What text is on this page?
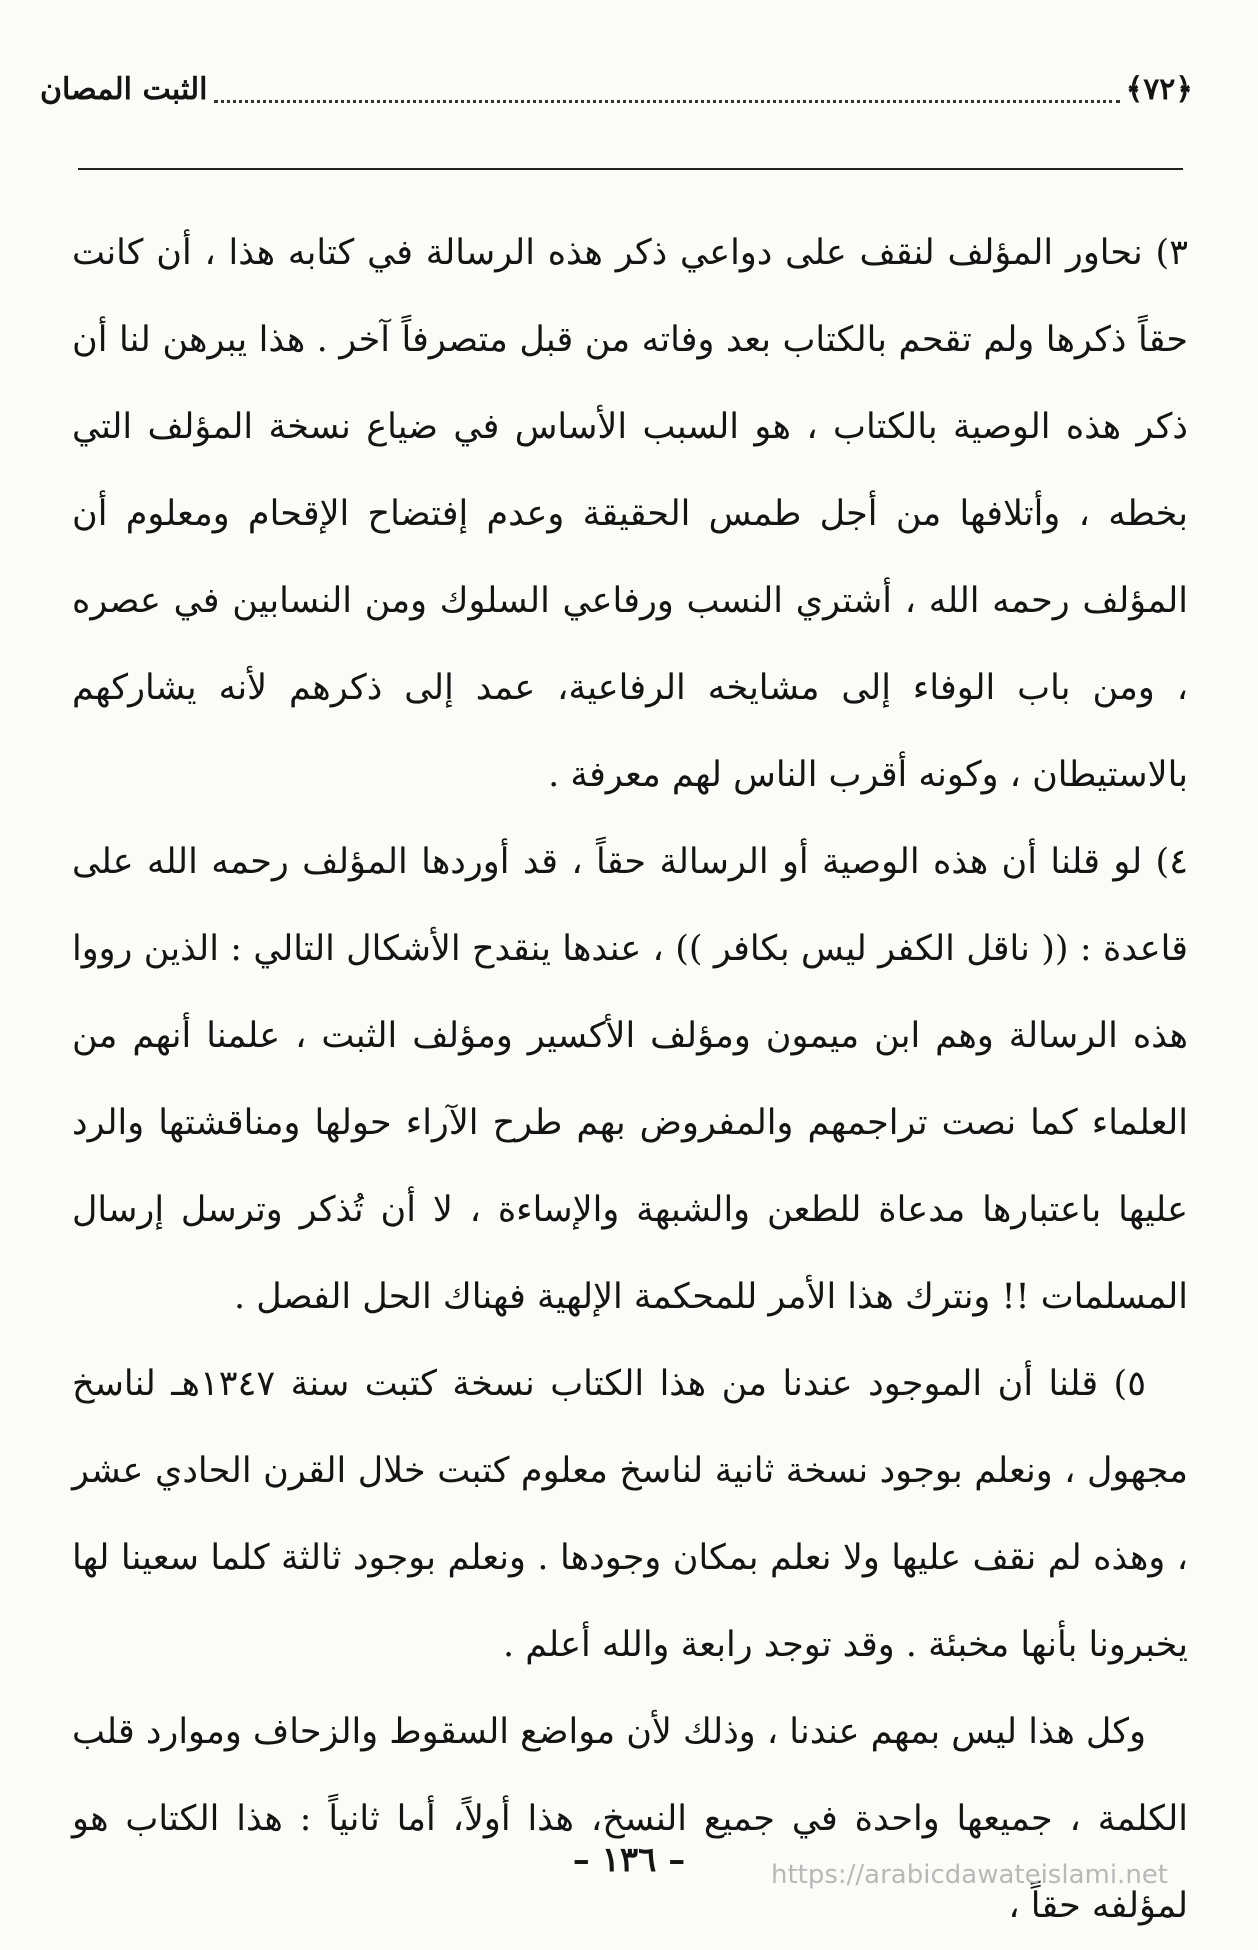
﴿٧٢﴾
الثبت المصان

٣) نحاور المؤلف لنقف على دواعي ذكر هذه الرسالة في كتابه هذا ، أن كانت حقاً ذكرها ولم تقحم بالكتاب بعد وفاته من قبل متصرفاً آخر . هذا يبرهن لنا أن ذكر هذه الوصية بالكتاب ، هو السبب الأساس في ضياع نسخة المؤلف التي بخطه ، وأتلافها من أجل طمس الحقيقة وعدم إفتضاح الإقحام ومعلوم أن المؤلف رحمه الله ، أشتري النسب ورفاعي السلوك ومن النسابين في عصره ، ومن باب الوفاء إلى مشايخه الرفاعية، عمد إلى ذكرهم لأنه يشاركهم بالاستيطان ، وكونه أقرب الناس لهم معرفة .

٤) لو قلنا أن هذه الوصية أو الرسالة حقاً ، قد أوردها المؤلف رحمه الله على قاعدة : (( ناقل الكفر ليس بكافر )) ، عندها ينقدح الأشكال التالي : الذين رووا هذه الرسالة وهم ابن ميمون ومؤلف الأكسير ومؤلف الثبت ، علمنا أنهم من العلماء كما نصت تراجمهم والمفروض بهم طرح الآراء حولها ومناقشتها والرد عليها باعتبارها مدعاة للطعن والشبهة والإساءة ، لا أن تُذكر وترسل إرسال المسلمات !! ونترك هذا الأمر للمحكمة الإلهية فهناك الحل الفصل .

٥) قلنا أن الموجود عندنا من هذا الكتاب نسخة كتبت سنة ١٣٤٧هـ لناسخ مجهول ، ونعلم بوجود نسخة ثانية لناسخ معلوم كتبت خلال القرن الحادي عشر ، وهذه لم نقف عليها ولا نعلم بمكان وجودها . ونعلم بوجود ثالثة كلما سعينا لها يخبرونا بأنها مخبئة . وقد توجد رابعة والله أعلم .

وكل هذا ليس بمهم عندنا ، وذلك لأن مواضع السقوط والزحاف وموارد قلب الكلمة ، جميعها واحدة في جميع النسخ، هذا أولاً، أما ثانياً : هذا الكتاب هو لمؤلفه حقاً ،

– ١٣٦ –	https://arabicdawateislami.net
